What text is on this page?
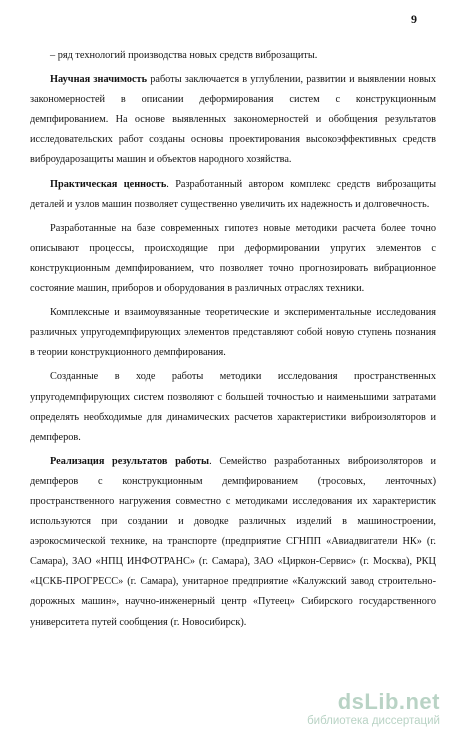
9

– ряд технологий производства новых средств виброзащиты.

Научная значимость работы заключается в углублении, развитии и выявлении новых закономерностей в описании деформирования систем с конструкционным демпфированием. На основе выявленных закономерностей и обобщения результатов исследовательских работ созданы основы проектирования высокоэффективных средств виброударозащиты машин и объектов народного хозяйства.

Практическая ценность. Разработанный автором комплекс средств виброзащиты деталей и узлов машин позволяет существенно увеличить их надежность и долговечность.

Разработанные на базе современных гипотез новые методики расчета более точно описывают процессы, происходящие при деформировании упругих элементов с конструкционным демпфированием, что позволяет точно прогнозировать вибрационное состояние машин, приборов и оборудования в различных отраслях техники.

Комплексные и взаимоувязанные теоретические и экспериментальные исследования различных упругодемпфирующих элементов представляют собой новую ступень познания в теории конструкционного демпфирования.

Созданные в ходе работы методики исследования пространственных упругодемпфирующих систем позволяют с большей точностью и наименьшими затратами определять необходимые для динамических расчетов характеристики виброизоляторов и демпферов.

Реализация результатов работы. Семейство разработанных виброизоляторов и демпферов с конструкционным демпфированием (тросовых, ленточных) пространственного нагружения совместно с методиками исследования их характеристик используются при создании и доводке различных изделий в машиностроении, аэрокосмической технике, на транспорте (предприятие СГНПП «Авиадвигатели НК» (г. Самара), ЗАО «НПЦ ИНФОТРАНС» (г. Самара), ЗАО «Циркон-Сервис» (г. Москва), РКЦ «ЦСКБ-ПРОГРЕСС» (г. Самара), унитарное предприятие «Калужский завод строительно-дорожных машин», научно-инженерный центр «Путеец» Сибирского государственного университета путей сообщения (г. Новосибирск).

dsLib.net
библиотека диссертаций
